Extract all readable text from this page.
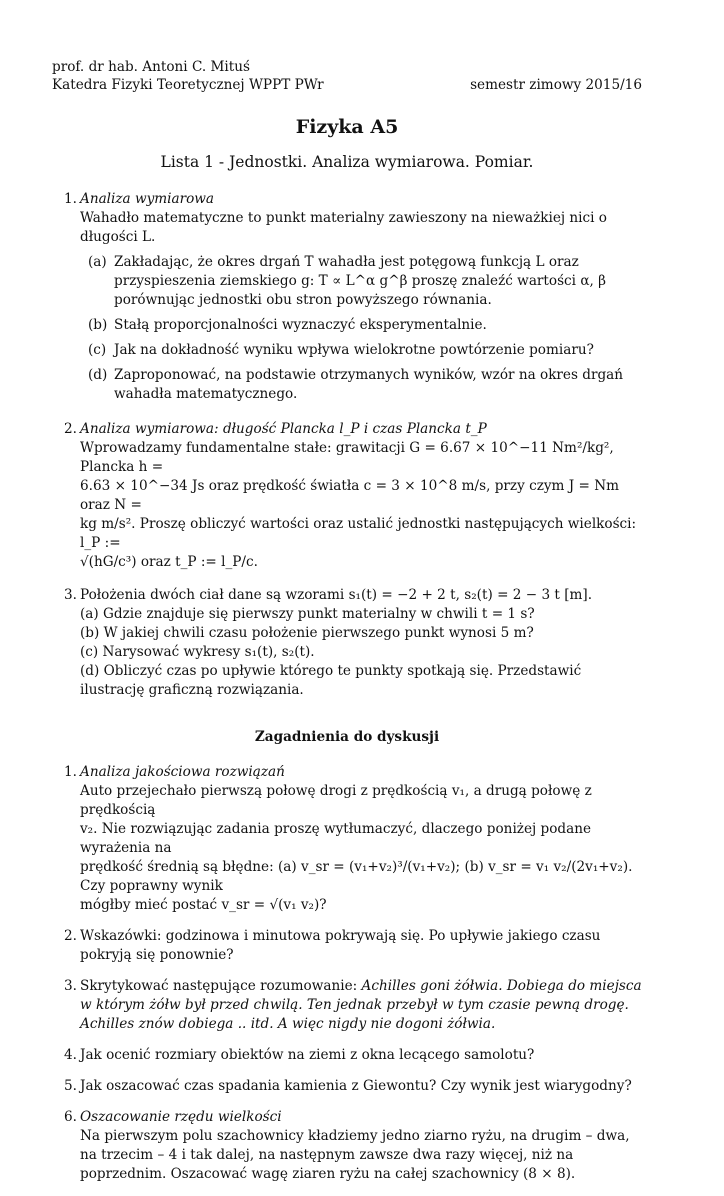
prof. dr hab. Antoni C. Mituś
Katedra Fizyki Teoretycznej WPPT PWr	semestr zimowy 2015/16
Fizyka A5
Lista 1 - Jednostki. Analiza wymiarowa. Pomiar.
1. Analiza wymiarowa
Wahadło matematyczne to punkt materialny zawieszony na nieważkiej nici o długości L.
(a) Zakładając, że okres drgań T wahadła jest potęgową funkcją L oraz przyspieszenia ziemskiego g: T ∝ L^α g^β proszę znaleźć wartości α, β porównując jednostki obu stron powyższego równania.
(b) Stałą proporcjonalności wyznaczyć eksperymentalnie.
(c) Jak na dokładność wyniku wpływa wielokrotne powtórzenie pomiaru?
(d) Zaproponować, na podstawie otrzymanych wyników, wzór na okres drgań wahadła matematycznego.
2. Analiza wymiarowa: długość Plancka l_P i czas Plancka t_P
Wprowadzamy fundamentalne stałe: grawitacji G = 6.67 × 10^−11 Nm²/kg², Plancka h =
6.63 × 10^−34 Js oraz prędkość światła c = 3 × 10^8 m/s, przy czym J = Nm oraz N =
kg m/s². Proszę obliczyć wartości oraz ustalić jednostki następujących wielkości: l_P :=
√(hG/c³) oraz t_P := l_P/c.
3. Położenia dwóch ciał dane są wzorami s₁(t) = −2 + 2 t, s₂(t) = 2 − 3 t [m].
(a) Gdzie znajduje się pierwszy punkt materialny w chwili t = 1 s?
(b) W jakiej chwili czasu położenie pierwszego punkt wynosi 5 m?
(c) Narysować wykresy s₁(t), s₂(t).
(d) Obliczyć czas po upływie którego te punkty spotkają się. Przedstawić ilustrację graficzną rozwiązania.
Zagadnienia do dyskusji
1. Analiza jakościowa rozwiązań
Auto przejechało pierwszą połowę drogi z prędkością v₁, a drugą połowę z prędkością
v₂. Nie rozwiązując zadania proszę wytłumaczyć, dlaczego poniżej podane wyrażenia na
prędkość średnią są błędne: (a) v_sr = (v₁+v₂)³/(v₁+v₂); (b) v_sr = v₁ v₂/(2v₁+v₂). Czy poprawny wynik
mógłby mieć postać v_sr = √(v₁ v₂)?
2. Wskazówki: godzinowa i minutowa pokrywają się. Po upływie jakiego czasu pokryją się ponownie?
3. Skrytykować następujące rozumowanie: Achilles goni żółwia. Dobiega do miejsca w którym żółw był przed chwilą. Ten jednak przebył w tym czasie pewną drogę. Achilles znów dobiega .. itd. A więc nigdy nie dogoni żółwia.
4. Jak ocenić rozmiary obiektów na ziemi z okna lecącego samolotu?
5. Jak oszacować czas spadania kamienia z Giewontu? Czy wynik jest wiarygodny?
6. Oszacowanie rzędu wielkości
Na pierwszym polu szachownicy kładziemy jedno ziarno ryżu, na drugim – dwa, na trzecim – 4 i tak dalej, na następnym zawsze dwa razy więcej, niż na poprzednim. Oszacować wagę ziaren ryżu na całej szachownicy (8 × 8).
